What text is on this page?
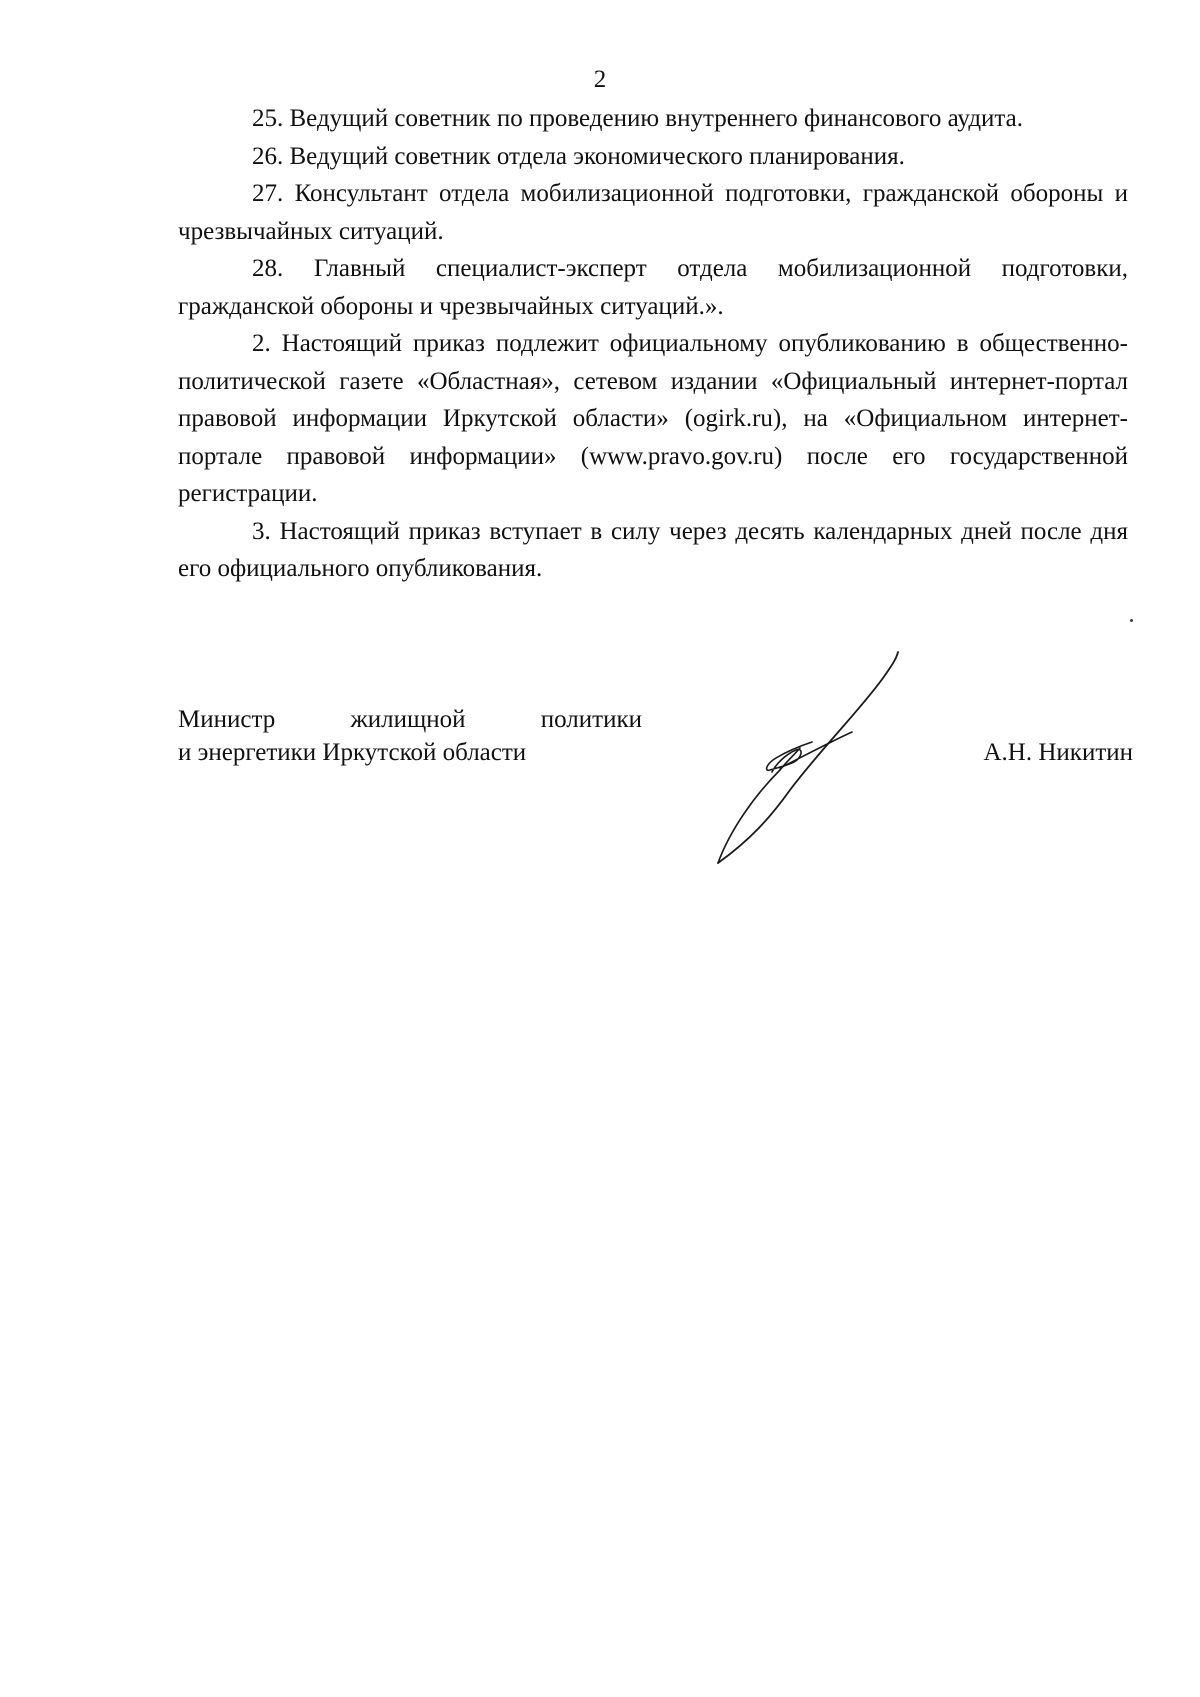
2

25. Ведущий советник по проведению внутреннего финансового аудита.

26. Ведущий советник отдела экономического планирования.

27. Консультант отдела мобилизационной подготовки, гражданской обороны и чрезвычайных ситуаций.

28. Главный специалист-эксперт отдела мобилизационной подготовки, гражданской обороны и чрезвычайных ситуаций.».

2. Настоящий приказ подлежит официальному опубликованию в общественно-политической газете «Областная», сетевом издании «Официальный интернет-портал правовой информации Иркутской области» (ogirk.ru), на «Официальном интернет-портале правовой информации» (www.pravo.gov.ru) после его государственной регистрации.

3. Настоящий приказ вступает в силу через десять календарных дней после дня его официального опубликования.

Министр	жилищной	политики
и энергетики Иркутской области	А.Н. Никитин
